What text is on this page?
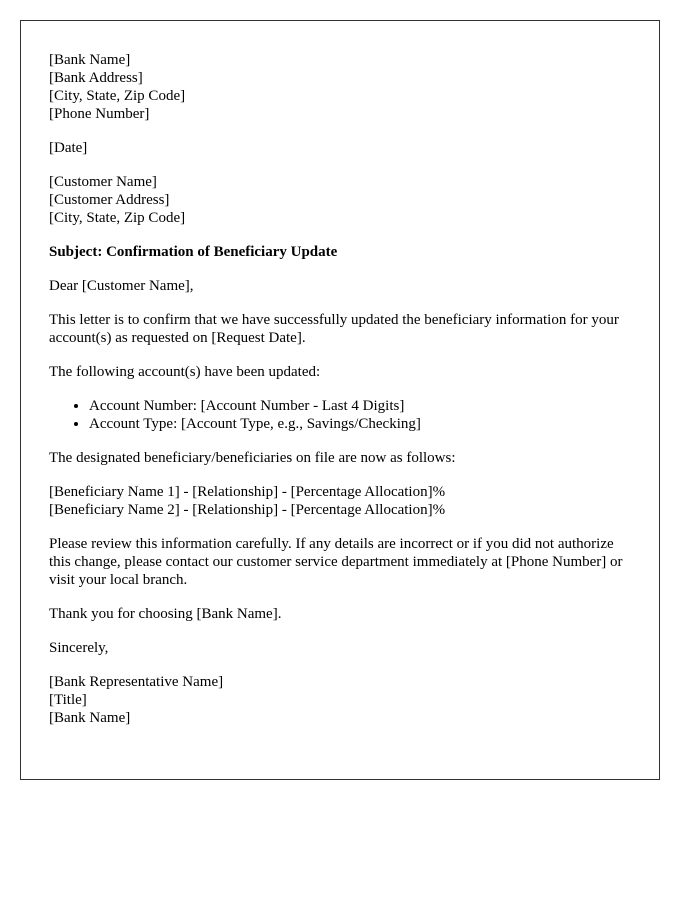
[Bank Name]
[Bank Address]
[City, State, Zip Code]
[Phone Number]
[Date]
[Customer Name]
[Customer Address]
[City, State, Zip Code]

Subject: Confirmation of Beneficiary Update

Dear [Customer Name],

This letter is to confirm that we have successfully updated the beneficiary information for your account(s) as requested on [Request Date].

The following account(s) have been updated:

• Account Number: [Account Number - Last 4 Digits]
• Account Type: [Account Type, e.g., Savings/Checking]

The designated beneficiary/beneficiaries on file are now as follows:

[Beneficiary Name 1] - [Relationship] - [Percentage Allocation]%
[Beneficiary Name 2] - [Relationship] - [Percentage Allocation]%

Please review this information carefully. If any details are incorrect or if you did not authorize this change, please contact our customer service department immediately at [Phone Number] or visit your local branch.

Thank you for choosing [Bank Name].

Sincerely,

[Bank Representative Name]
[Title]
[Bank Name]
